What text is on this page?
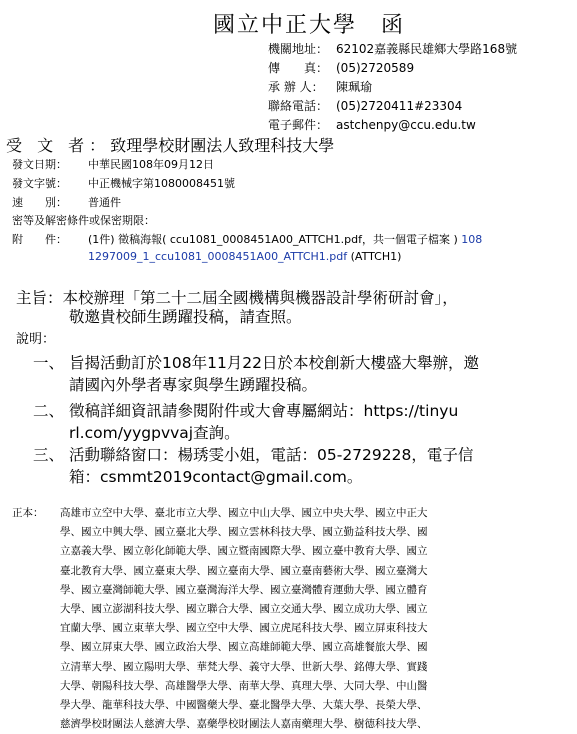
國立中正大學　函
機關地址： 62102嘉義縣民雄鄉大學路168號
傳　　真： (05)2720589
承 辦 人： 陳珮瑜
聯絡電話： (05)2720411#23304
電子郵件： astchenpy@ccu.edu.tw
受 文 者：致理學校財團法人致理科技大學
發文日期： 中華民國108年09月12日
發文字號： 中正機械字第1080008451號
速　　別： 普通件
密等及解密條件或保密期限：
附　　件： (1件) 徵稿海報( ccu1081_0008451A00_ATTCH1.pdf，共一個電子檔案 ) 108
1297009_1_ccu1081_0008451A00_ATTCH1.pdf (ATTCH1)
主旨：本校辦理「第二十二屆全國機構與機器設計學術研討會」，
敬邀貴校師生踴躍投稿，請查照。
說明：
一、 旨揭活動訂於108年11月22日於本校創新大樓盛大舉辦，邀
請國內外學者專家與學生踴躍投稿。
二、 徵稿詳細資訊請參閱附件或大會專屬網站：https://tinyu
rl.com/yygpvvaj查詢。
三、 活動聯絡窗口：楊琇雯小姐，電話：05-2729228，電子信
箱：csmmt2019contact@gmail.com。
正本： 高雄市立空中大學、臺北市立大學、國立中山大學、國立中央大學、國立中正大
學、國立中興大學、國立臺北大學、國立雲林科技大學、國立勤益科技大學、國
立嘉義大學、國立彰化師範大學、國立暨南國際大學、國立臺中教育大學、國立
臺北教育大學、國立臺東大學、國立臺南大學、國立臺南藝術大學、國立臺灣大
學、國立臺灣師範大學、國立臺灣海洋大學、國立臺灣體育運動大學、國立體育
大學、國立澎湖科技大學、國立聯合大學、國立交通大學、國立成功大學、國立
宜蘭大學、國立東華大學、國立空中大學、國立虎尾科技大學、國立屏東科技大
學、國立屏東大學、國立政治大學、國立高雄師範大學、國立高雄餐旅大學、國
立清華大學、國立陽明大學、華梵大學、義守大學、世新大學、銘傳大學、實踐
大學、朝陽科技大學、高雄醫學大學、南華大學、真理大學、大同大學、中山醫
學大學、龍華科技大學、中國醫藥大學、臺北醫學大學、大葉大學、長榮大學、
慈濟學校財團法人慈濟大學、嘉藥學校財團法人嘉南藥理大學、樹德科技大學、
